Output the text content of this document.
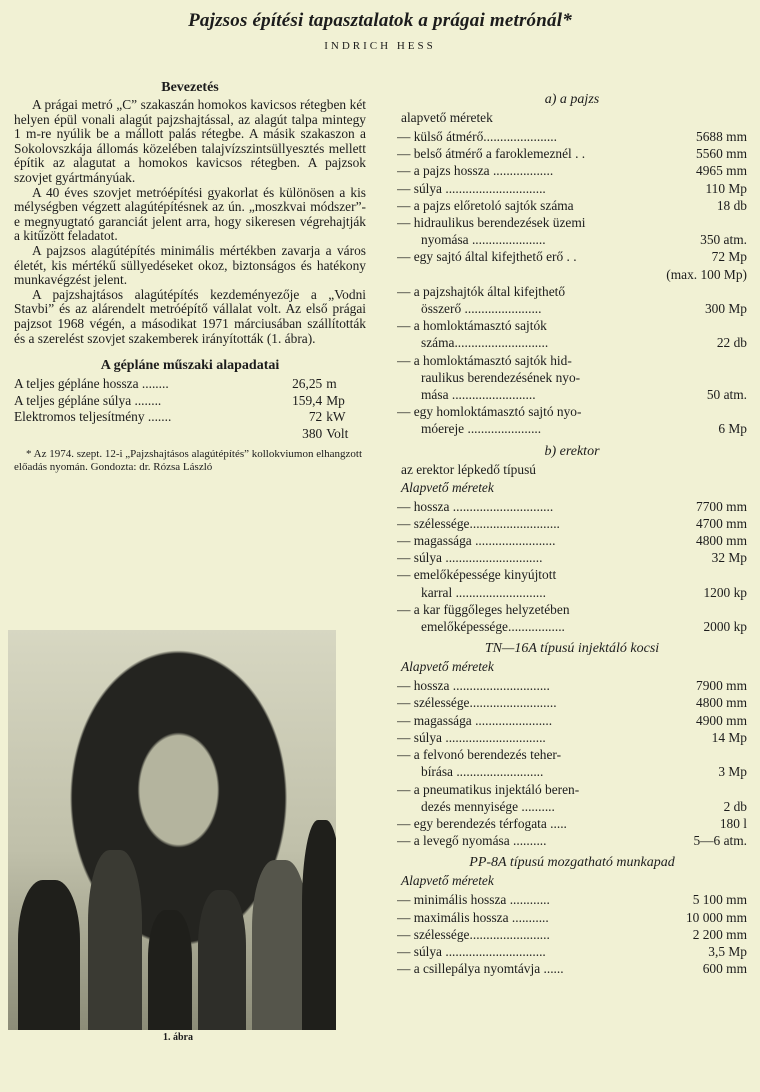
Pajzsos építési tapasztalatok a prágai metrónál*
INDRICH HESS
Bevezetés

A prágai metró „C” szakaszán homokos kavicsos rétegben két helyen épül vonali alagút pajzshajtással, az alagút talpa mintegy 1 m-re nyúlik be a mállott palás rétegbe. A másik szakaszon a Sokolovszkája állomás közelében talajvízszintsüllyesztés mellett építik az alagutat a homokos kavicsos rétegben. A pajzsok szovjet gyártmányúak.

A 40 éves szovjet metróépítési gyakorlat és különösen a kis mélységben végzett alagútépítésnek az ún. „moszkvai módszer”-e megnyugtató garanciát jelent arra, hogy sikeresen végrehajtják a kitűzött feladatot.

A pajzsos alagútépítés minimális mértékben zavarja a város életét, kis mértékű süllyedéseket okoz, biztonságos és hatékony munkavégzést jelent.

A pajzshajtásos alagútépítés kezdeményezője a „Vodni Stavbi” és az alárendelt metróépítő vállalat volt. Az első prágai pajzsot 1968 végén, a másodikat 1971 márciusában szállították és a szerelést szovjet szakemberek irányították (1. ábra).

A gépláne műszaki alapadatai
A teljes gépláne hossza ........	26,25 m
A teljes gépláne súlya ........	159,4 Mp
Elektromos teljesítmény .......	72 kW
380 Volt
* Az 1974. szept. 12-i „Pajzshajtásos alagútépítés” kollokviumon elhangzott előadás nyomán. Gondozta: dr. Rózsa László
1. ábra
a) a pajzs
alapvető méretek
— külső átmérő......................	5688 mm
— belső átmérő a faroklemeznél . .	5560 mm
— a pajzs hossza ..................	4965 mm
— súlya ..............................	110 Mp
— a pajzs előretoló sajtók száma	18 db
— hidraulikus berendezések üzemi
nyomása ......................	350 atm.
— egy sajtó által kifejthető erő . .	72 Mp
(max. 100 Mp)
— a pajzshajtók által kifejthető
összerő .......................	300 Mp
— a homloktámasztó sajtók
száma............................	22 db
— a homloktámasztó sajtók hid-
raulikus berendezésének nyo-
mása .........................	50 atm.
— egy homloktámasztó sajtó nyo-
móereje ......................	6 Mp
b) erektor
az erektor lépkedő típusú
Alapvető méretek
— hossza ..............................	7700 mm
— szélessége...........................	4700 mm
— magassága ........................	4800 mm
— súlya .............................	32 Mp
— emelőképessége kinyújtott
karral ...........................	1200 kp
— a kar függőleges helyzetében
emelőképessége.................	2000 kp
TN—16A típusú injektáló kocsi
Alapvető méretek
— hossza .............................	7900 mm
— szélessége..........................	4800 mm
— magassága .......................	4900 mm
— súlya ..............................	14 Mp
— a felvonó berendezés teher-
bírása ..........................	3 Mp
— a pneumatikus injektáló beren-
dezés mennyisége ..........	2 db
— egy berendezés térfogata .....	180 l
— a levegő nyomása ..........	5—6 atm.
PP-8A típusú mozgatható munkapad
Alapvető méretek
— minimális hossza ............	5 100 mm
— maximális hossza ...........	10 000 mm
— szélessége........................	2 200 mm
— súlya ..............................	3,5 Mp
— a csillepálya nyomtávja ......	600 mm
